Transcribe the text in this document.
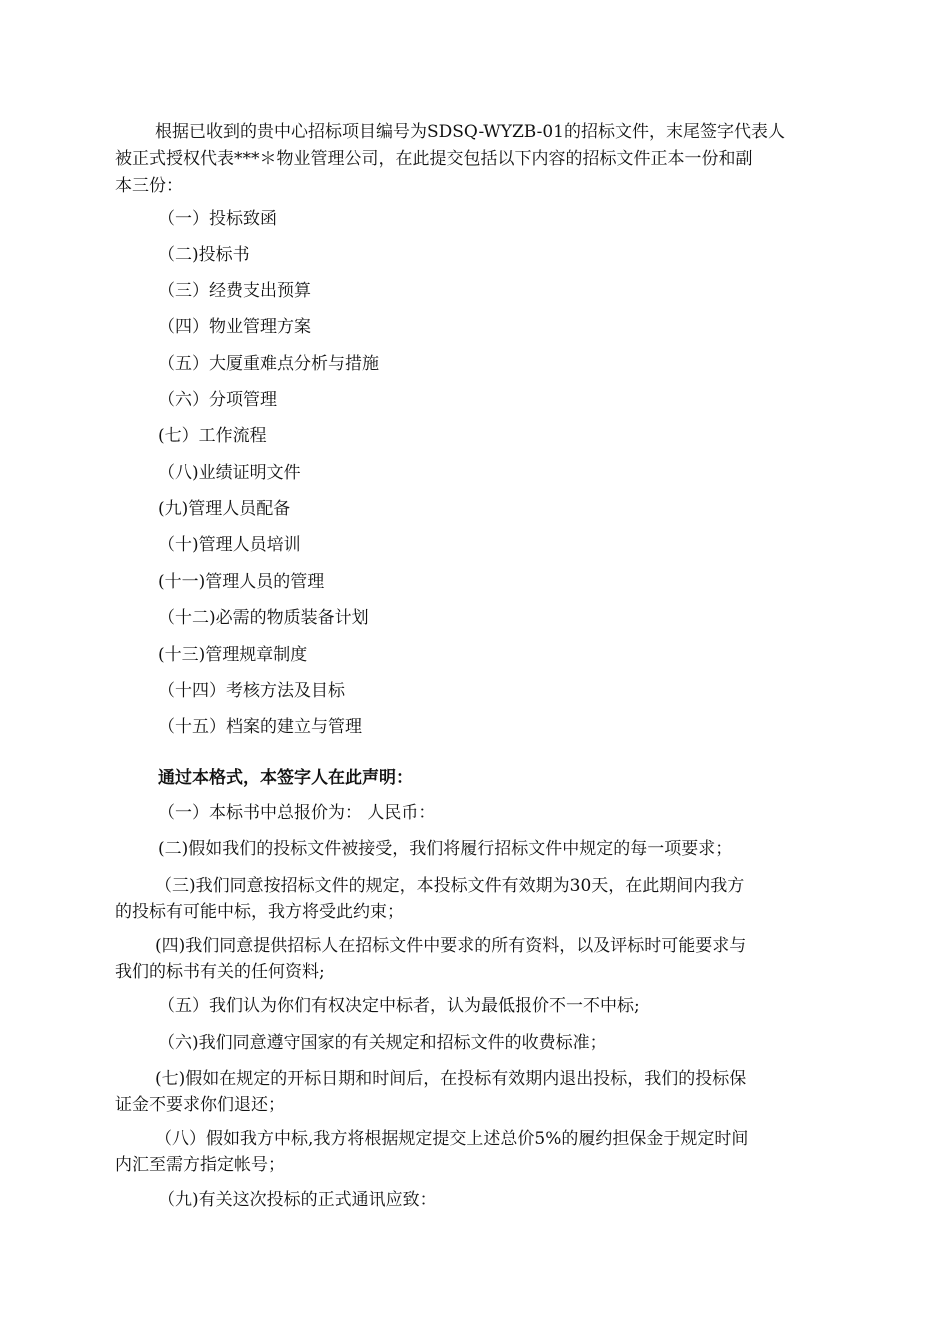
根据已收到的贵中心招标项目编号为SDSQ-WYZB-01的招标文件，末尾签字代表人
被正式授权代表***＊物业管理公司，在此提交包括以下内容的招标文件正本一份和副
本三份：
（一）投标致函
（二)投标书
（三）经费支出预算
（四）物业管理方案
（五）大厦重难点分析与措施
（六）分项管理
(七）工作流程
（八)业绩证明文件
(九)管理人员配备
（十)管理人员培训
(十一)管理人员的管理
（十二)必需的物质装备计划
(十三)管理规章制度
（十四）考核方法及目标
（十五）档案的建立与管理
通过本格式，本签字人在此声明：
（一）本标书中总报价为： 人民币：
(二)假如我们的投标文件被接受，我们将履行招标文件中规定的每一项要求；
（三)我们同意按招标文件的规定，本投标文件有效期为30天，在此期间内我方
的投标有可能中标，我方将受此约束；
(四)我们同意提供招标人在招标文件中要求的所有资料，以及评标时可能要求与
我们的标书有关的任何资料;
（五）我们认为你们有权决定中标者，认为最低报价不一不中标;
（六)我们同意遵守国家的有关规定和招标文件的收费标准；
(七)假如在规定的开标日期和时间后，在投标有效期内退出投标，我们的投标保
证金不要求你们退还；
（八）假如我方中标,我方将根据规定提交上述总价5%的履约担保金于规定时间
内汇至需方指定帐号；
（九)有关这次投标的正式通讯应致：
